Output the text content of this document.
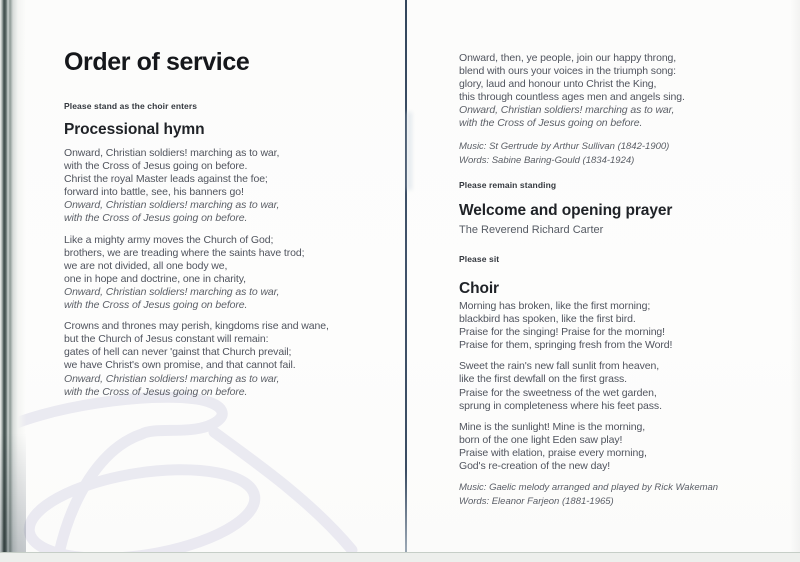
Order of service
Please stand as the choir enters
Processional hymn
Onward, Christian soldiers! marching as to war,
with the Cross of Jesus going on before.
Christ the royal Master leads against the foe;
forward into battle, see, his banners go!
Onward, Christian soldiers! marching as to war,
with the Cross of Jesus going on before.
Like a mighty army moves the Church of God;
brothers, we are treading where the saints have trod;
we are not divided, all one body we,
one in hope and doctrine, one in charity,
Onward, Christian soldiers! marching as to war,
with the Cross of Jesus going on before.
Crowns and thrones may perish, kingdoms rise and wane,
but the Church of Jesus constant will remain:
gates of hell can never 'gainst that Church prevail;
we have Christ's own promise, and that cannot fail.
Onward, Christian soldiers! marching as to war,
with the Cross of Jesus going on before.
Onward, then, ye people, join our happy throng,
blend with ours your voices in the triumph song:
glory, laud and honour unto Christ the King,
this through countless ages men and angels sing.
Onward, Christian soldiers! marching as to war,
with the Cross of Jesus going on before.
Music: St Gertrude by Arthur Sullivan (1842-1900)
Words: Sabine Baring-Gould (1834-1924)
Please remain standing
Welcome and opening prayer
The Reverend Richard Carter
Please sit
Choir
Morning has broken, like the first morning;
blackbird has spoken, like the first bird.
Praise for the singing! Praise for the morning!
Praise for them, springing fresh from the Word!
Sweet the rain's new fall sunlit from heaven,
like the first dewfall on the first grass.
Praise for the sweetness of the wet garden,
sprung in completeness where his feet pass.
Mine is the sunlight! Mine is the morning,
born of the one light Eden saw play!
Praise with elation, praise every morning,
God's re-creation of the new day!
Music: Gaelic melody arranged and played by Rick Wakeman
Words: Eleanor Farjeon (1881-1965)
